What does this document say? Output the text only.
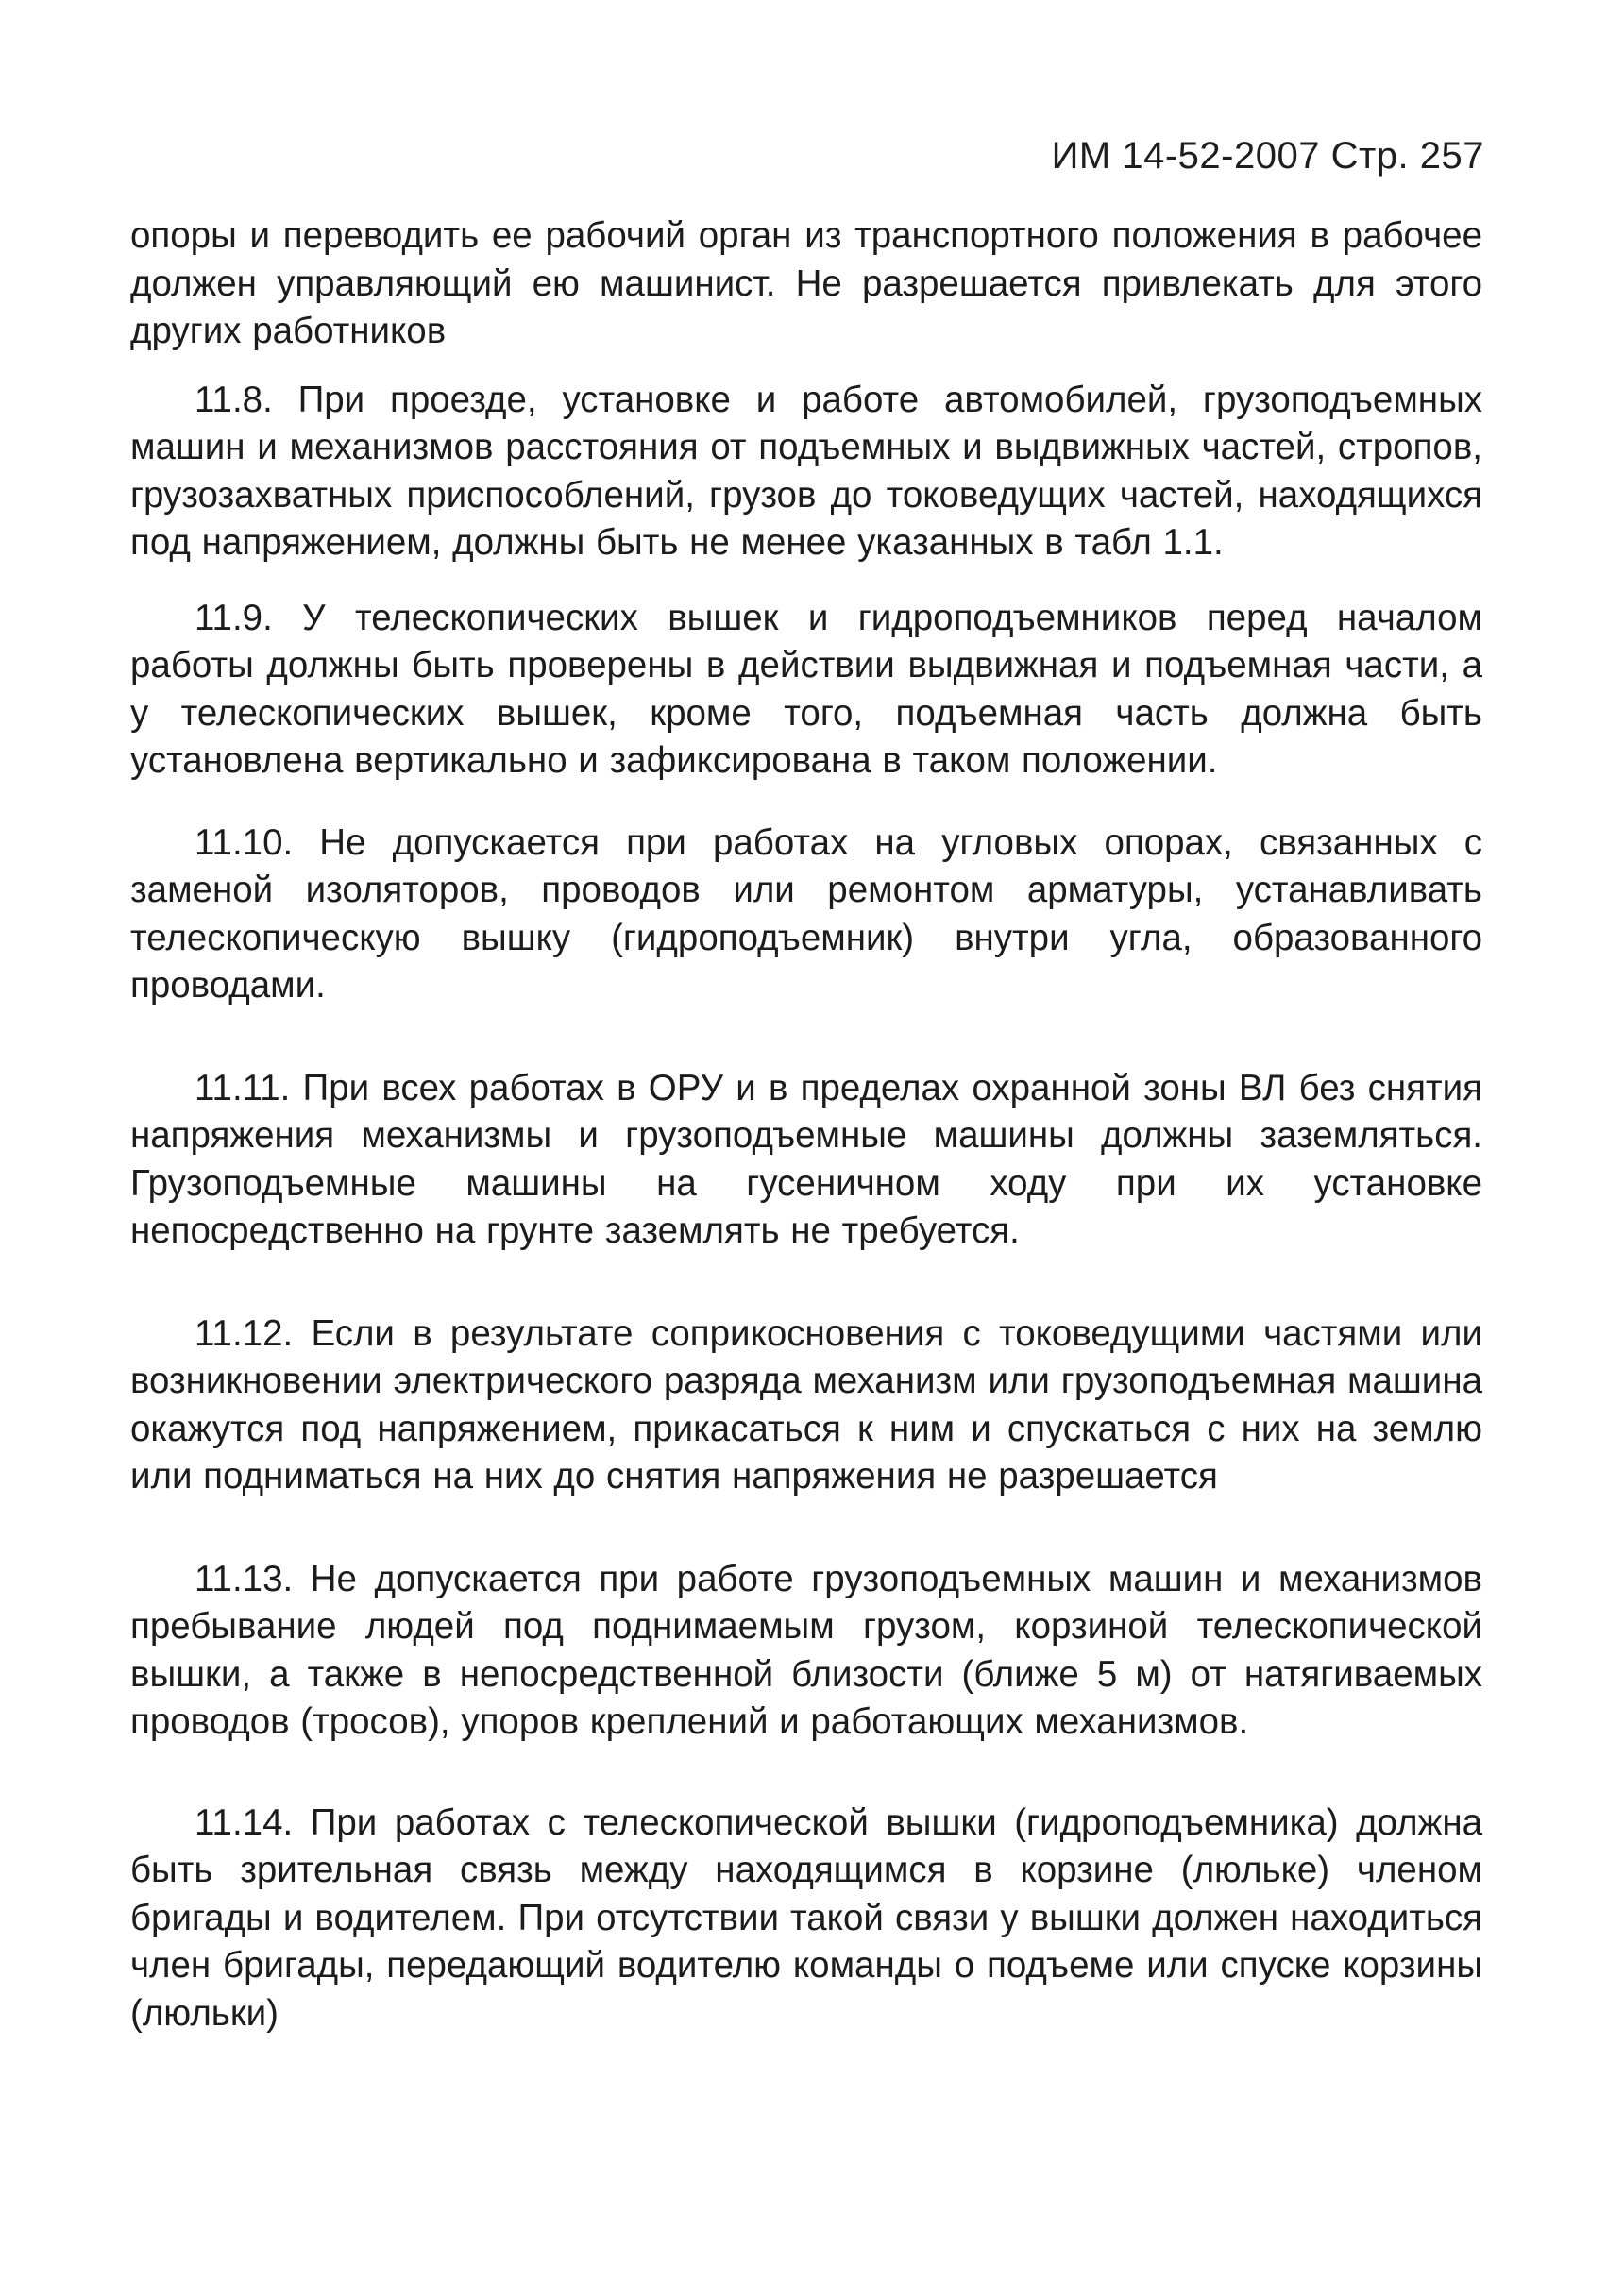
ИМ 14-52-2007 Стр. 257

опоры и переводить ее рабочий орган из транспортного положения в рабочее должен управляющий ею машинист. Не разрешается привлекать для этого других работников

11.8. При проезде, установке и работе автомобилей, грузоподъемных машин и механизмов расстояния от подъемных и выдвижных частей, стропов, грузозахватных приспособлений, грузов до токоведущих частей, находящихся под напряжением, должны быть не менее указанных в табл 1.1.

11.9. У телескопических вышек и гидроподъемников перед началом работы должны быть проверены в действии выдвижная и подъемная части, а у телескопических вышек, кроме того, подъемная часть должна быть установлена вертикально и зафиксирована в таком положении.

11.10. Не допускается при работах на угловых опорах, связанных с заменой изоляторов, проводов или ремонтом арматуры, устанавливать телескопическую вышку (гидроподъемник) внутри угла, образованного проводами.

11.11. При всех работах в ОРУ и в пределах охранной зоны ВЛ без снятия напряжения механизмы и грузоподъемные машины должны заземляться. Грузоподъемные машины на гусеничном ходу при их установке непосредственно на грунте заземлять не требуется.

11.12. Если в результате соприкосновения с токоведущими частями или возникновении электрического разряда механизм или грузоподъемная машина окажутся под напряжением, прикасаться к ним и спускаться с них на землю или подниматься на них до снятия напряжения не разрешается

11.13. Не допускается при работе грузоподъемных машин и механизмов пребывание людей под поднимаемым грузом, корзиной телескопической вышки, а также в непосредственной близости (ближе 5 м) от натягиваемых проводов (тросов), упоров креплений и работающих механизмов.

11.14. При работах с телескопической вышки (гидроподъемника) должна быть зрительная связь между находящимся в корзине (люльке) членом бригады и водителем. При отсутствии такой связи у вышки должен находиться член бригады, передающий водителю команды о подъеме или спуске корзины (люльки)
